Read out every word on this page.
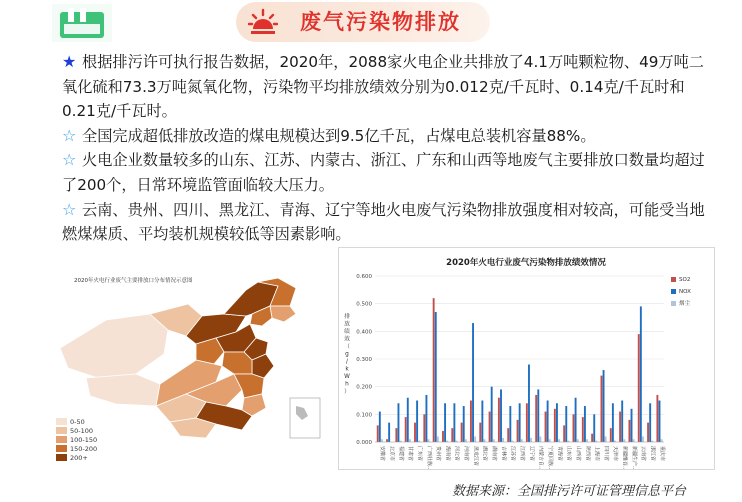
废气污染物排放

★ 根据排污许可执行报告数据，2020年，2088家火电企业共排放了4.1万吨颗粒物、49万吨二氧化硫和73.3万吨氮氧化物，污染物平均排放绩效分别为0.012克/千瓦时、0.14克/千瓦时和0.21克/千瓦时。

☆ 全国完成超低排放改造的煤电规模达到9.5亿千瓦，占煤电总装机容量88%。

☆ 火电企业数量较多的山东、江苏、内蒙古、浙江、广东和山西等地废气主要排放口数量均超过了200个，日常环境监管面临较大压力。

☆ 云南、贵州、四川、黑龙江、青海、辽宁等地火电废气污染物排放强度相对较高，可能受当地燃煤煤质、平均装机规模较低等因素影响。

2020年火电行业废气主要排放口分布情况示意图
0-50
50-100
100-150
150-200
200+
2020年火电行业废气污染物排放绩效情况
0.000
0.100
0.200
0.300
0.400
0.500
0.600
排
放
绩
效
（
g
/
k
W
h
）
安徽省 北京市 福建省 甘肃省 广东省 广西壮族… 贵州省 海南省 河北省 河南省 黑龙江省 湖北省 湖南省 吉林省 江苏省 江西省 辽宁省 内蒙古自… 宁夏回族… 青海省 山东省 山西省 陕西省 上海市 四川省 天津市 新疆维吾… 新疆生产… 云南省 浙江省 重庆市
SO2
NOX
烟尘
数据来源：全国排污许可证管理信息平台
